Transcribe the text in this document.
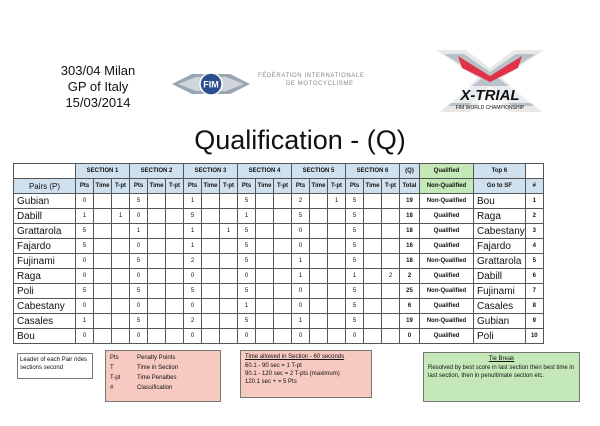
303/04 Milan
GP of Italy
15/03/2014
FIM
FÉDÉRATION INTERNATIONALE
DE MOTOCYCLISME
X-TRIAL
FIM WORLD CHAMPIONSHIP
Qualification - (Q)
	SECTION 1			SECTION 2			SECTION 3			SECTION 4			SECTION 5			SECTION 6			(Q)	Qualified	Top 6	
Pairs (P)	Pts	Time	T-pt	Pts	Time	T-pt	Pts	Time	T-pt	Pts	Time	T-pt	Pts	Time	T-pt	Pts	Time	T-pt	Total	Non-Qualified	Go to SF	#
Gubian	0			5			1			5			2		1	5			19	Non-Qualified	Bou	1
Dabill	1		1	0			5			1			5			5			18	Qualified	Raga	2
Grattarola	5			1			1		1	5			0			5			18	Qualified	Cabestany	3
Fajardo	5			0			1			5			0			5			16	Qualified	Fajardo	4
Fujinami	0			5			2			5			1			5			18	Non-Qualified	Grattarola	5
Raga	0			0			0			0			1			1		2	2	Qualified	Dabill	6
Poli	5			5			5			5			0			5			25	Non-Qualified	Fujinami	7
Cabestany	0			0			0			1			0			5			6	Qualified	Casales	8
Casales	1			5			2			5			1			5			19	Non-Qualified	Gubian	9
Bou	0			0			0			0			0			0			0	Qualified	Poli	10
Leader of each Pair rides sections second
Pts	Penalty Points
T	Time in Section
T-pt	Time Penalties
#	Classification
Time allowed in Section - 60 seconds
60.1 - 90 sec = 1 T-pt
90.1 - 120 sec = 2 T-pts (maximum)
120.1 sec + = 5 Pts
Tie Break
Resolved by best score in last section then best time in last section, then in penultimate section etc.
